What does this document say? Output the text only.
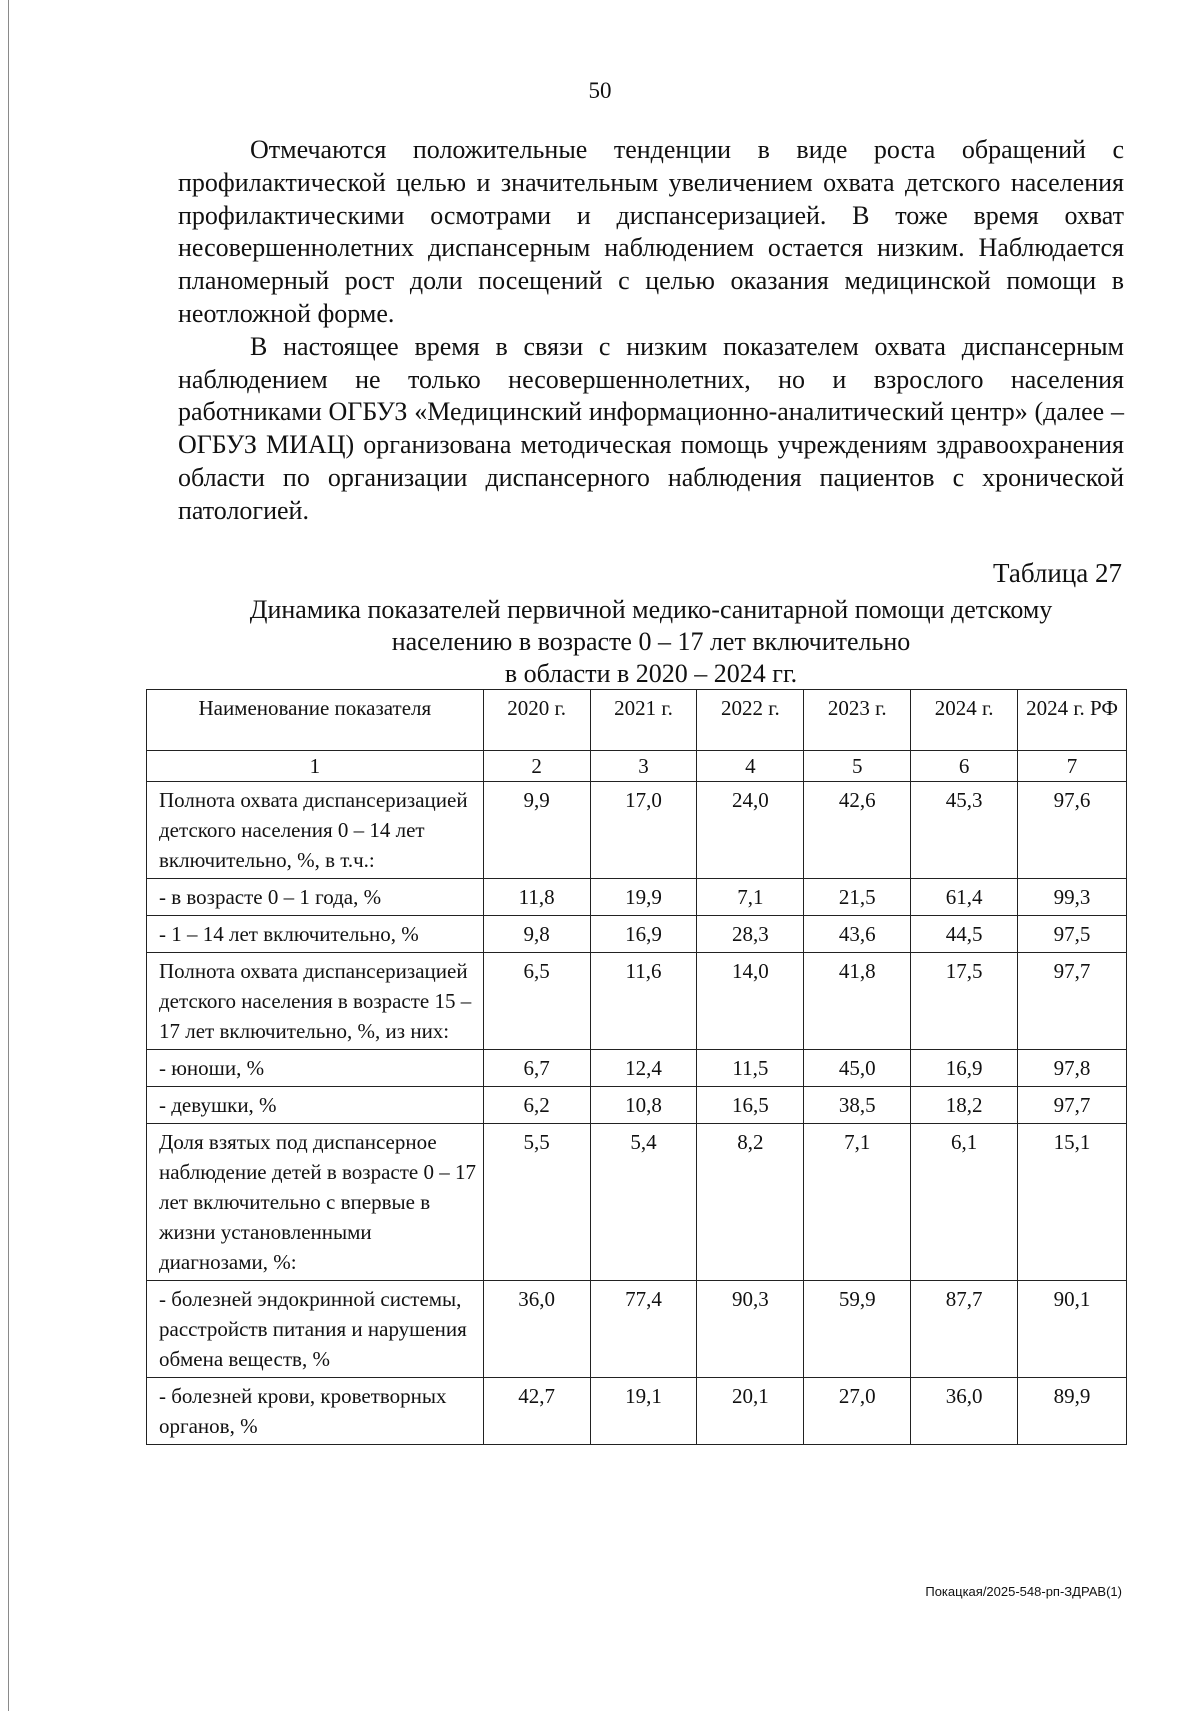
50

Отмечаются положительные тенденции в виде роста обращений с профилактической целью и значительным увеличением охвата детского населения профилактическими осмотрами и диспансеризацией. В тоже время охват несовершеннолетних диспансерным наблюдением остается низким. Наблюдается планомерный рост доли посещений с целью оказания медицинской помощи в неотложной форме.

В настоящее время в связи с низким показателем охвата диспансерным наблюдением не только несовершеннолетних, но и взрослого населения работниками ОГБУЗ «Медицинский информационно-аналитический центр» (далее – ОГБУЗ МИАЦ) организована методическая помощь учреждениям здравоохранения области по организации диспансерного наблюдения пациентов с хронической патологией.

Таблица 27
Динамика показателей первичной медико-санитарной помощи детскому
населению в возрасте 0 – 17 лет включительно
в области в 2020 – 2024 гг.
Наименование показателя	2020 г.	2021 г.	2022 г.	2023 г.	2024 г.	2024 г. РФ
1	2	3	4	5	6	7
Полнота охвата диспансеризацией детского населения 0 – 14 лет включительно, %, в т.ч.:	9,9	17,0	24,0	42,6	45,3	97,6
- в возрасте 0 – 1 года, %	11,8	19,9	7,1	21,5	61,4	99,3
- 1 – 14 лет включительно, %	9,8	16,9	28,3	43,6	44,5	97,5
Полнота охвата диспансеризацией детского населения в возрасте 15 – 17 лет включительно, %, из них:	6,5	11,6	14,0	41,8	17,5	97,7
- юноши, %	6,7	12,4	11,5	45,0	16,9	97,8
- девушки, %	6,2	10,8	16,5	38,5	18,2	97,7
Доля взятых под диспансерное наблюдение детей в возрасте 0 – 17 лет включительно с впервые в жизни установленными диагнозами, %:	5,5	5,4	8,2	7,1	6,1	15,1
- болезней эндокринной системы, расстройств питания и нарушения обмена веществ, %	36,0	77,4	90,3	59,9	87,7	90,1
- болезней крови, кроветворных органов, %	42,7	19,1	20,1	27,0	36,0	89,9
Покацкая/2025-548-рп-ЗДРАВ(1)
